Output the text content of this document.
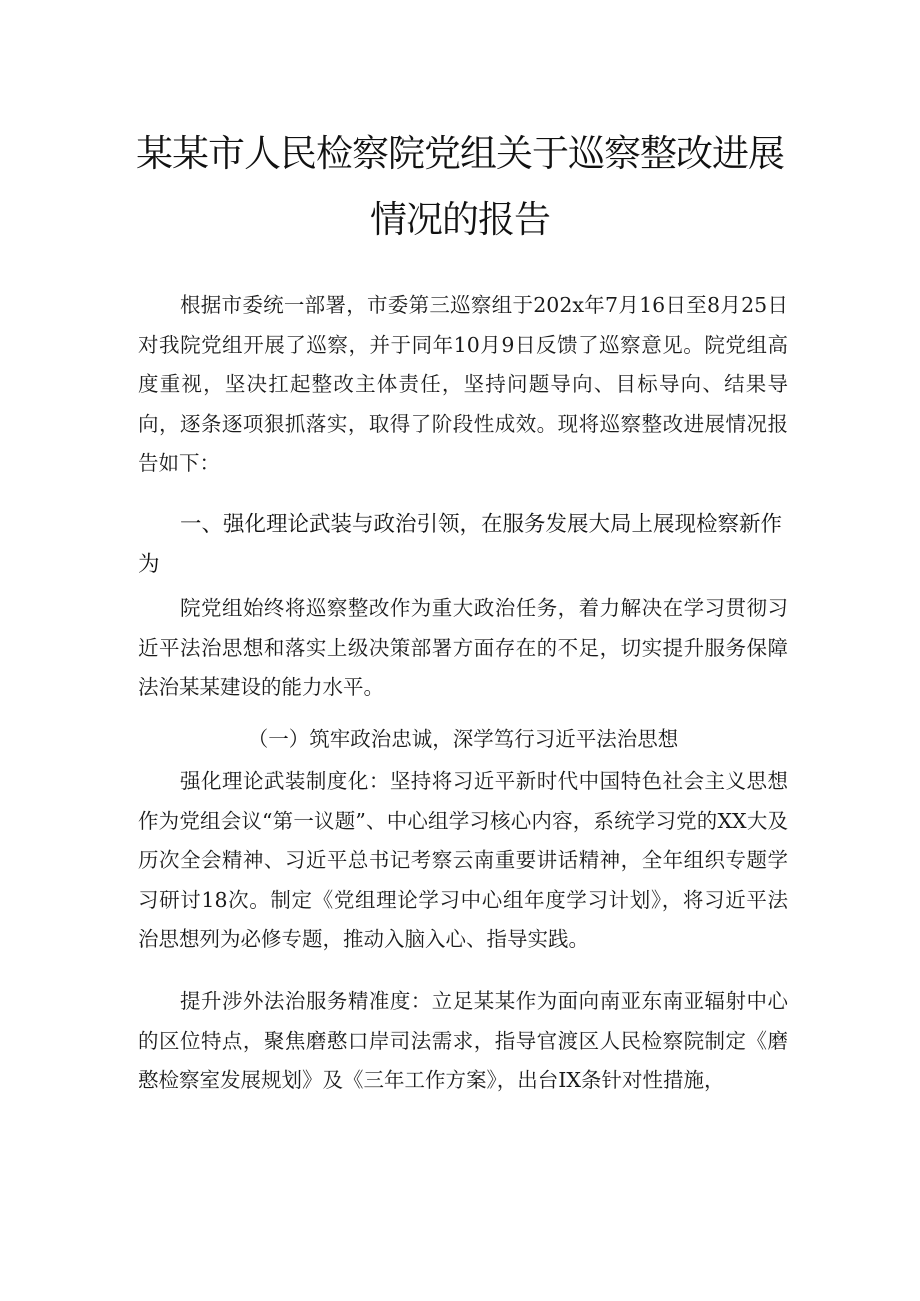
某某市人民检察院党组关于巡察整改进展
情况的报告

根据市委统一部署，市委第三巡察组于202x年7月16日至8月25日对我院党组开展了巡察，并于同年10月9日反馈了巡察意见。院党组高度重视，坚决扛起整改主体责任，坚持问题导向、目标导向、结果导向，逐条逐项狠抓落实，取得了阶段性成效。现将巡察整改进展情况报告如下：

一、强化理论武装与政治引领，在服务发展大局上展现检察新作为

院党组始终将巡察整改作为重大政治任务，着力解决在学习贯彻习近平法治思想和落实上级决策部署方面存在的不足，切实提升服务保障法治某某建设的能力水平。

（一）筑牢政治忠诚，深学笃行习近平法治思想

强化理论武装制度化：坚持将习近平新时代中国特色社会主义思想作为党组会议“第一议题”、中心组学习核心内容，系统学习党的XX大及历次全会精神、习近平总书记考察云南重要讲话精神，全年组织专题学习研讨18次。制定《党组理论学习中心组年度学习计划》，将习近平法治思想列为必修专题，推动入脑入心、指导实践。

提升涉外法治服务精准度：立足某某作为面向南亚东南亚辐射中心的区位特点，聚焦磨憨口岸司法需求，指导官渡区人民检察院制定《磨憨检察室发展规划》及《三年工作方案》，出台IX条针对性措施，
